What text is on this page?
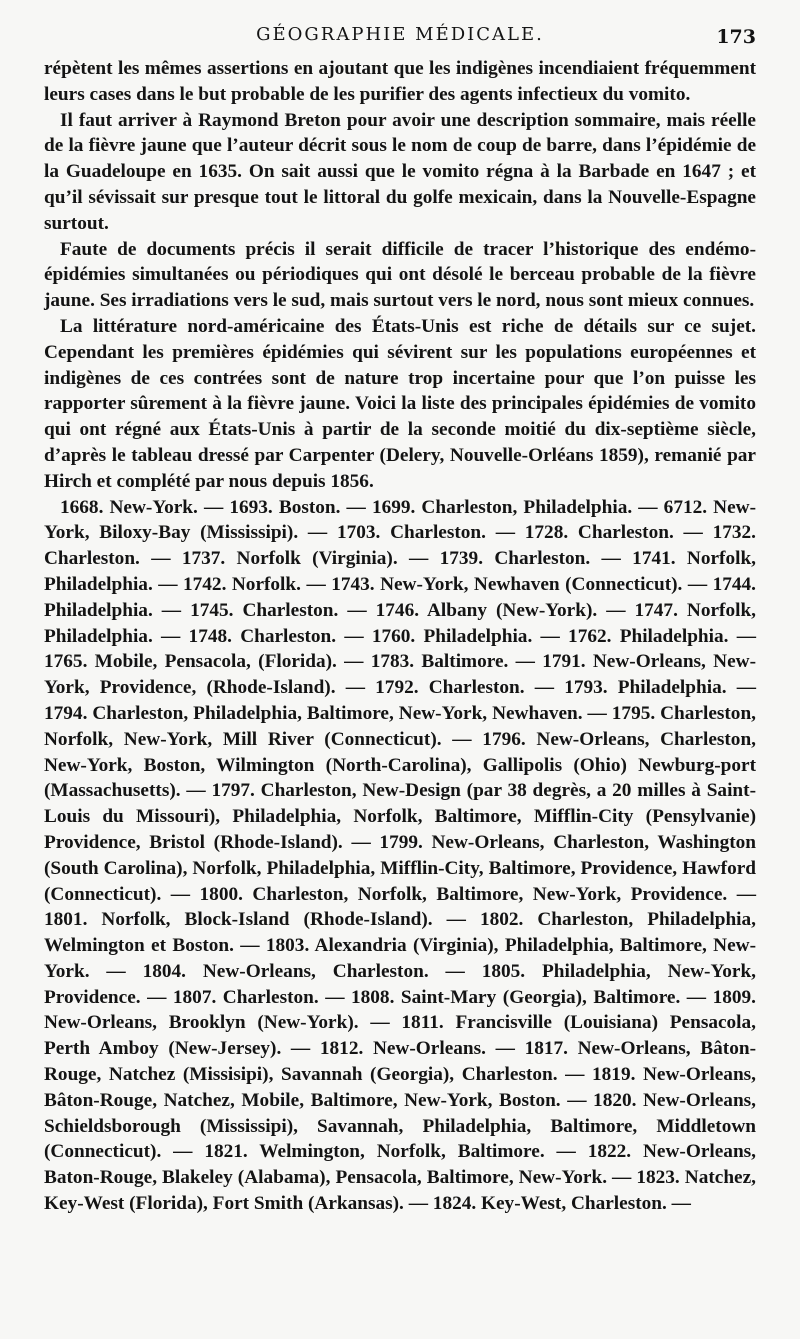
GÉOGRAPHIE MÉDICALE.	173

répètent les mêmes assertions en ajoutant que les indigènes incendiaient fréquemment leurs cases dans le but probable de les purifier des agents infectieux du vomito.

Il faut arriver à Raymond Breton pour avoir une description sommaire, mais réelle de la fièvre jaune que l’auteur décrit sous le nom de coup de barre, dans l’épidémie de la Guadeloupe en 1635. On sait aussi que le vomito régna à la Barbade en 1647 ; et qu’il sévissait sur presque tout le littoral du golfe mexicain, dans la Nouvelle-Espagne surtout.

Faute de documents précis il serait difficile de tracer l’historique des endémo-épidémies simultanées ou périodiques qui ont désolé le berceau probable de la fièvre jaune. Ses irradiations vers le sud, mais surtout vers le nord, nous sont mieux connues.

La littérature nord-américaine des États-Unis est riche de détails sur ce sujet. Cependant les premières épidémies qui sévirent sur les populations européennes et indigènes de ces contrées sont de nature trop incertaine pour que l’on puisse les rapporter sûrement à la fièvre jaune. Voici la liste des principales épidémies de vomito qui ont régné aux États-Unis à partir de la seconde moitié du dix-septième siècle, d’après le tableau dressé par Carpenter (Delery, Nouvelle-Orléans 1859), remanié par Hirch et complété par nous depuis 1856.

1668. New-York. — 1693. Boston. — 1699. Charleston, Philadelphia. — 6712. New-York, Biloxy-Bay (Mississipi). — 1703. Charleston. — 1728. Charleston. — 1732. Charleston. — 1737. Norfolk (Virginia). — 1739. Charleston. — 1741. Norfolk, Philadelphia. — 1742. Norfolk. — 1743. New-York, Newhaven (Connecticut). — 1744. Philadelphia. — 1745. Charleston. — 1746. Albany (New-York). — 1747. Norfolk, Philadelphia. — 1748. Charleston. — 1760. Philadelphia. — 1762. Philadelphia. — 1765. Mobile, Pensacola, (Florida). — 1783. Baltimore. — 1791. New-Orleans, New-York, Providence, (Rhode-Island). — 1792. Charleston. — 1793. Philadelphia. — 1794. Charleston, Philadelphia, Baltimore, New-York, Newhaven. — 1795. Charleston, Norfolk, New-York, Mill River (Connecticut). — 1796. New-Orleans, Charleston, New-York, Boston, Wilmington (North-Carolina), Gallipolis (Ohio) Newburg-port (Massachusetts). — 1797. Charleston, New-Design (par 38 degrès, a 20 milles à Saint-Louis du Missouri), Philadelphia, Norfolk, Baltimore, Mifflin-City (Pensylvanie) Providence, Bristol (Rhode-Island). — 1799. New-Orleans, Charleston, Washington (South Carolina), Norfolk, Philadelphia, Mifflin-City, Baltimore, Providence, Hawford (Connecticut). — 1800. Charleston, Norfolk, Baltimore, New-York, Providence. — 1801. Norfolk, Block-Island (Rhode-Island). — 1802. Charleston, Philadelphia, Welmington et Boston. — 1803. Alexandria (Virginia), Philadelphia, Baltimore, New-York. — 1804. New-Orleans, Charleston. — 1805. Philadelphia, New-York, Providence. — 1807. Charleston. — 1808. Saint-Mary (Georgia), Baltimore. — 1809. New-Orleans, Brooklyn (New-York). — 1811. Francisville (Louisiana) Pensacola, Perth Amboy (New-Jersey). — 1812. New-Orleans. — 1817. New-Orleans, Bâton-Rouge, Natchez (Missisipi), Savannah (Georgia), Charleston. — 1819. New-Orleans, Bâton-Rouge, Natchez, Mobile, Baltimore, New-York, Boston. — 1820. New-Orleans, Schieldsborough (Mississipi), Savannah, Philadelphia, Baltimore, Middletown (Connecticut). — 1821. Welmington, Norfolk, Baltimore. — 1822. New-Orleans, Baton-Rouge, Blakeley (Alabama), Pensacola, Baltimore, New-York. — 1823. Natchez, Key-West (Florida), Fort Smith (Arkansas). — 1824. Key-West, Charleston. —
